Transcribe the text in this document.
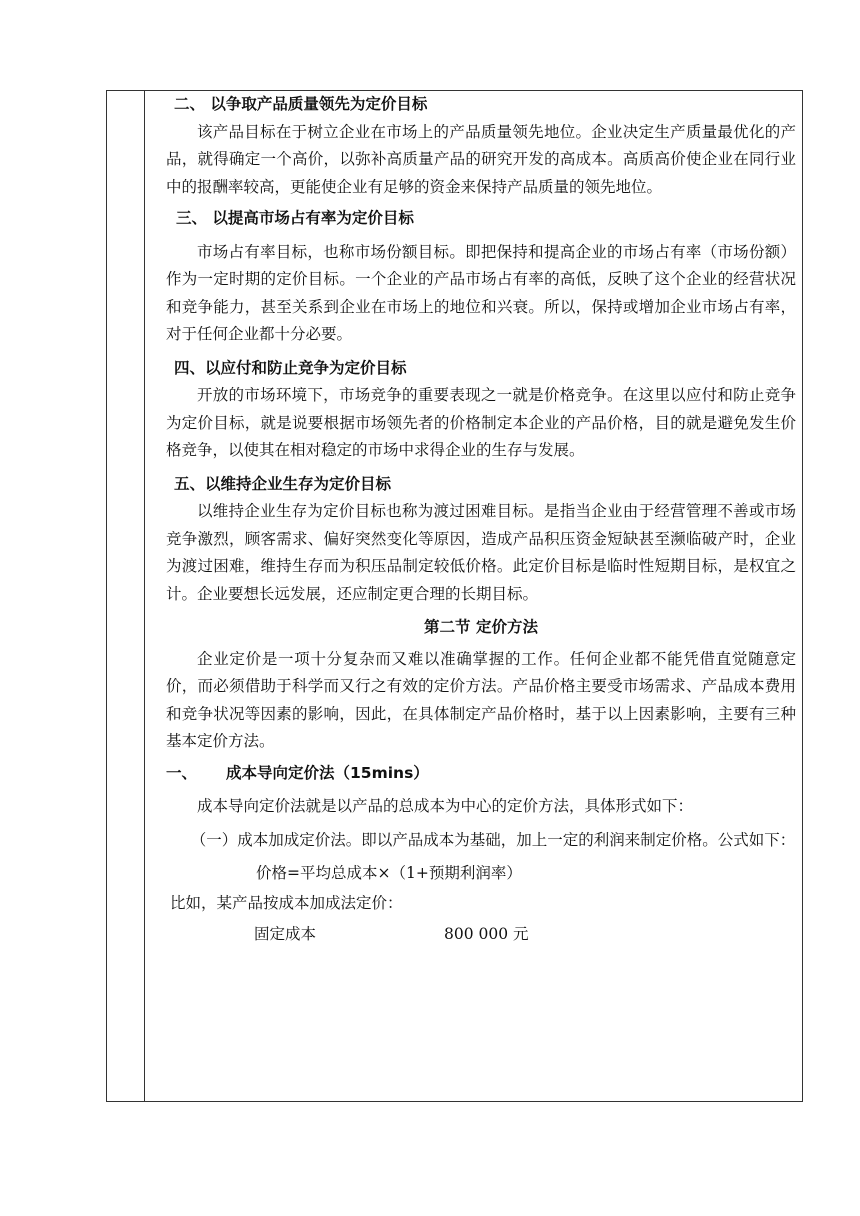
二、 以争取产品质量领先为定价目标

该产品目标在于树立企业在市场上的产品质量领先地位。企业决定生产质量最优化的产品，就得确定一个高价，以弥补高质量产品的研究开发的高成本。高质高价使企业在同行业中的报酬率较高，更能使企业有足够的资金来保持产品质量的领先地位。

三、 以提高市场占有率为定价目标

市场占有率目标，也称市场份额目标。即把保持和提高企业的市场占有率（市场份额）作为一定时期的定价目标。一个企业的产品市场占有率的高低，反映了这个企业的经营状况和竞争能力，甚至关系到企业在市场上的地位和兴衰。所以，保持或增加企业市场占有率，对于任何企业都十分必要。

四、以应付和防止竞争为定价目标

开放的市场环境下，市场竞争的重要表现之一就是价格竞争。在这里以应付和防止竞争为定价目标，就是说要根据市场领先者的价格制定本企业的产品价格，目的就是避免发生价格竞争，以使其在相对稳定的市场中求得企业的生存与发展。

五、以维持企业生存为定价目标

以维持企业生存为定价目标也称为渡过困难目标。是指当企业由于经营管理不善或市场竞争激烈，顾客需求、偏好突然变化等原因，造成产品积压资金短缺甚至濒临破产时，企业为渡过困难，维持生存而为积压品制定较低价格。此定价目标是临时性短期目标，是权宜之计。企业要想长远发展，还应制定更合理的长期目标。

第二节 定价方法

企业定价是一项十分复杂而又难以准确掌握的工作。任何企业都不能凭借直觉随意定价，而必须借助于科学而又行之有效的定价方法。产品价格主要受市场需求、产品成本费用和竞争状况等因素的影响，因此，在具体制定产品价格时，基于以上因素影响，主要有三种基本定价方法。

一、 成本导向定价法（15mins）

成本导向定价法就是以产品的总成本为中心的定价方法，具体形式如下：

（一）成本加成定价法。即以产品成本为基础，加上一定的利润来制定价格。公式如下：

价格=平均总成本×（1+预期利润率）
比如，某产品按成本加成法定价：
固定成本	800 000 元
